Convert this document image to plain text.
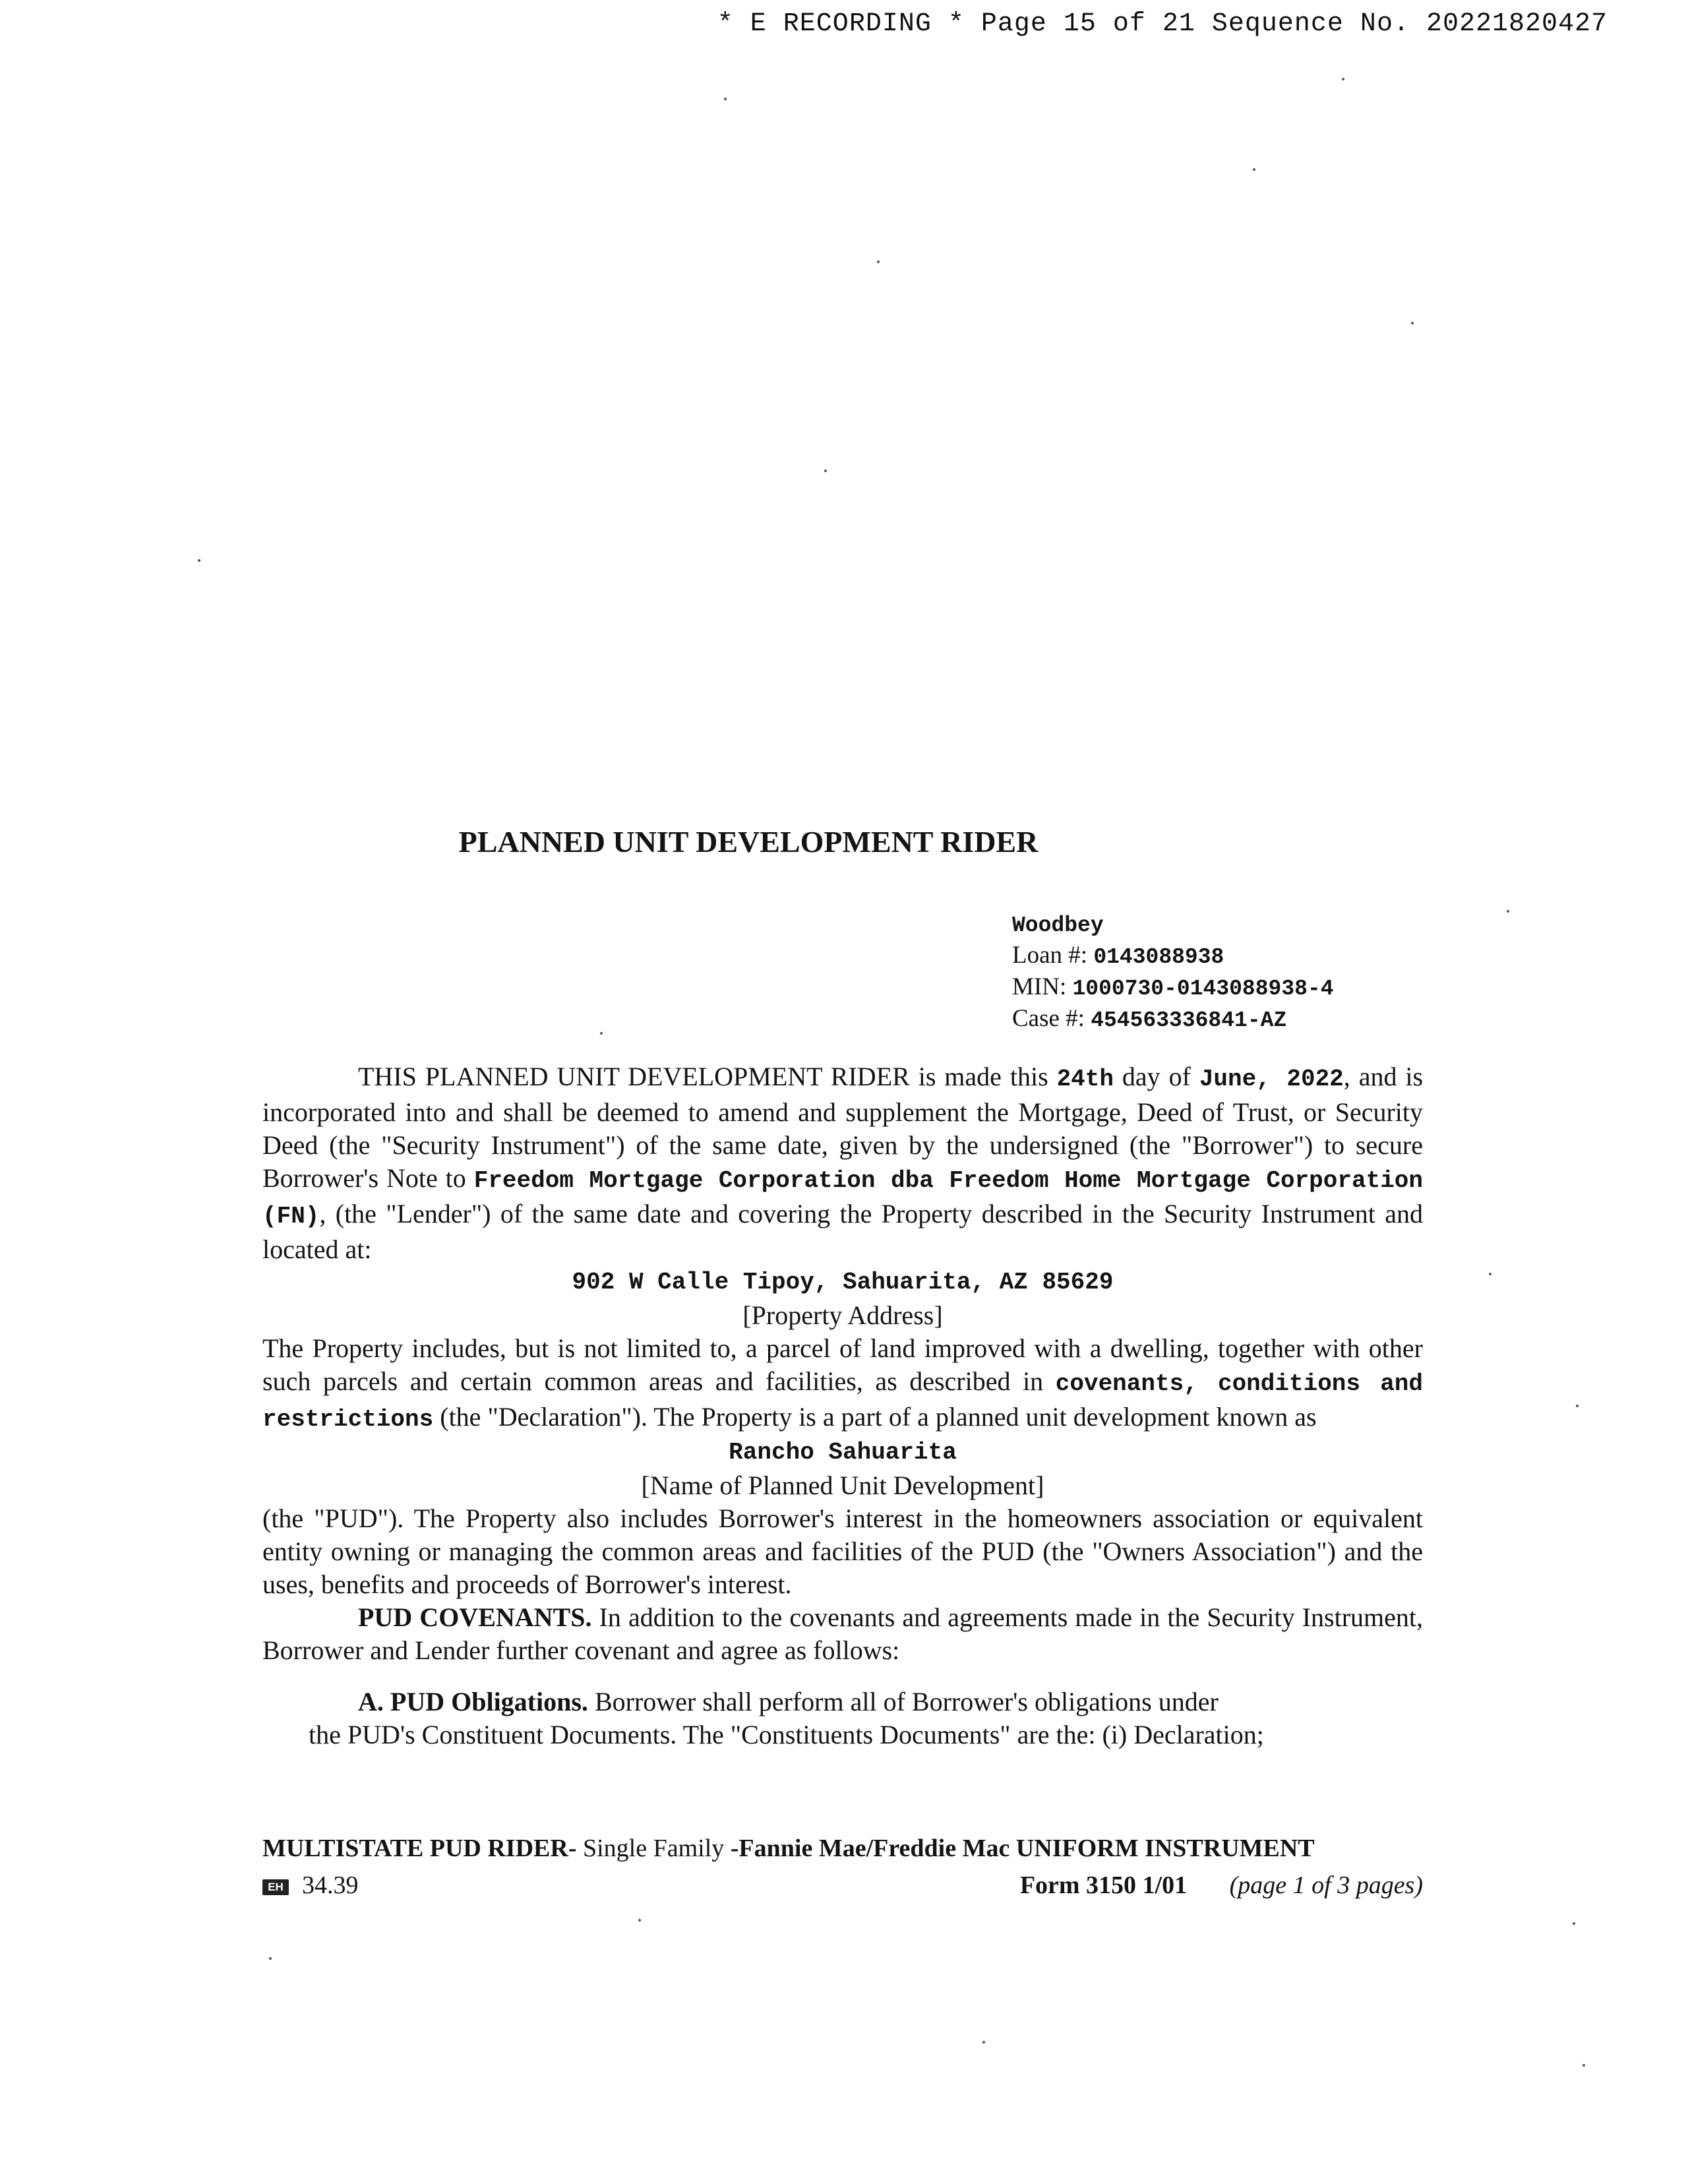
* E RECORDING * Page 15 of 21 Sequence No. 20221820427
PLANNED UNIT DEVELOPMENT RIDER
Woodbey
Loan #: 0143088938
MIN: 1000730-0143088938-4
Case #: 454563336841-AZ

THIS PLANNED UNIT DEVELOPMENT RIDER is made this 24th day of June, 2022, and is incorporated into and shall be deemed to amend and supplement the Mortgage, Deed of Trust, or Security Deed (the "Security Instrument") of the same date, given by the undersigned (the "Borrower") to secure Borrower's Note to Freedom Mortgage Corporation dba Freedom Home Mortgage Corporation (FN), (the "Lender") of the same date and covering the Property described in the Security Instrument and located at:

902 W Calle Tipoy, Sahuarita, AZ 85629
[Property Address]

The Property includes, but is not limited to, a parcel of land improved with a dwelling, together with other such parcels and certain common areas and facilities, as described in covenants, conditions and restrictions (the "Declaration"). The Property is a part of a planned unit development known as

Rancho Sahuarita
[Name of Planned Unit Development]

(the "PUD"). The Property also includes Borrower's interest in the homeowners association or equivalent entity owning or managing the common areas and facilities of the PUD (the "Owners Association") and the uses, benefits and proceeds of Borrower's interest.

PUD COVENANTS. In addition to the covenants and agreements made in the Security Instrument, Borrower and Lender further covenant and agree as follows:

A. PUD Obligations. Borrower shall perform all of Borrower's obligations under

the PUD's Constituent Documents. The "Constituents Documents" are the: (i) Declaration;

MULTISTATE PUD RIDER- Single Family -Fannie Mae/Freddie Mac UNIFORM INSTRUMENT
EH 34.39	Form 3150 1/01 (page 1 of 3 pages)
